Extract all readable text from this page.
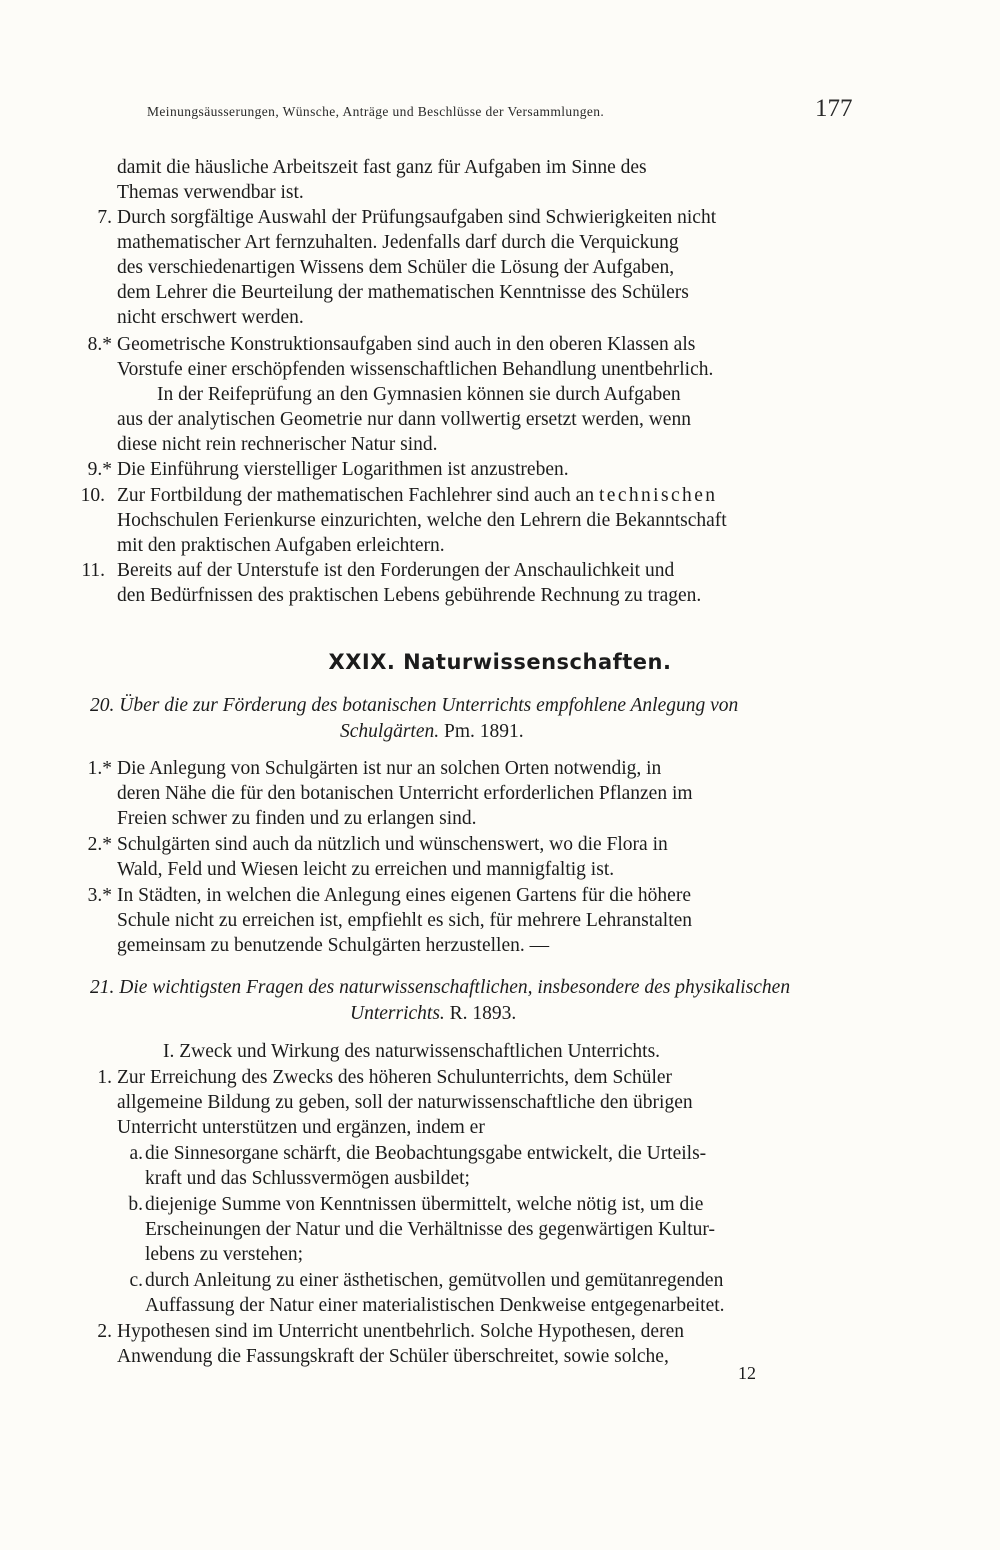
Meinungsäusserungen, Wünsche, Anträge und Beschlüsse der Versammlungen.	177
damit die häusliche Arbeitszeit fast ganz für Aufgaben im Sinne des
Themas verwendbar ist.
7. Durch sorgfältige Auswahl der Prüfungsaufgaben sind Schwierigkeiten nicht
mathematischer Art fernzuhalten. Jedenfalls darf durch die Verquickung
des verschiedenartigen Wissens dem Schüler die Lösung der Aufgaben,
dem Lehrer die Beurteilung der mathematischen Kenntnisse des Schülers
nicht erschwert werden.
8.* Geometrische Konstruktionsaufgaben sind auch in den oberen Klassen als
Vorstufe einer erschöpfenden wissenschaftlichen Behandlung unentbehrlich.
In der Reifeprüfung an den Gymnasien können sie durch Aufgaben
aus der analytischen Geometrie nur dann vollwertig ersetzt werden, wenn
diese nicht rein rechnerischer Natur sind.
9.* Die Einführung vierstelliger Logarithmen ist anzustreben.
10. Zur Fortbildung der mathematischen Fachlehrer sind auch an technischen
Hochschulen Ferienkurse einzurichten, welche den Lehrern die Bekanntschaft
mit den praktischen Aufgaben erleichtern.
11. Bereits auf der Unterstufe ist den Forderungen der Anschaulichkeit und
den Bedürfnissen des praktischen Lebens gebührende Rechnung zu tragen.
XXIX. Naturwissenschaften.
20. Über die zur Förderung des botanischen Unterrichts empfohlene Anlegung von
Schulgärten. Pm. 1891.
1.* Die Anlegung von Schulgärten ist nur an solchen Orten notwendig, in
deren Nähe die für den botanischen Unterricht erforderlichen Pflanzen im
Freien schwer zu finden und zu erlangen sind.
2.* Schulgärten sind auch da nützlich und wünschenswert, wo die Flora in
Wald, Feld und Wiesen leicht zu erreichen und mannigfaltig ist.
3.* In Städten, in welchen die Anlegung eines eigenen Gartens für die höhere
Schule nicht zu erreichen ist, empfiehlt es sich, für mehrere Lehranstalten
gemeinsam zu benutzende Schulgärten herzustellen. —
21. Die wichtigsten Fragen des naturwissenschaftlichen, insbesondere des physikalischen
Unterrichts. R. 1893.
I. Zweck und Wirkung des naturwissenschaftlichen Unterrichts.
1. Zur Erreichung des Zwecks des höheren Schulunterrichts, dem Schüler
allgemeine Bildung zu geben, soll der naturwissenschaftliche den übrigen
Unterricht unterstützen und ergänzen, indem er
a. die Sinnesorgane schärft, die Beobachtungsgabe entwickelt, die Urteils-
kraft und das Schlussvermögen ausbildet;
b. diejenige Summe von Kenntnissen übermittelt, welche nötig ist, um die
Erscheinungen der Natur und die Verhältnisse des gegenwärtigen Kultur-
lebens zu verstehen;
c. durch Anleitung zu einer ästhetischen, gemütvollen und gemütanregenden
Auffassung der Natur einer materialistischen Denkweise entgegenarbeitet.
2. Hypothesen sind im Unterricht unentbehrlich. Solche Hypothesen, deren
Anwendung die Fassungskraft der Schüler überschreitet, sowie solche,
12
